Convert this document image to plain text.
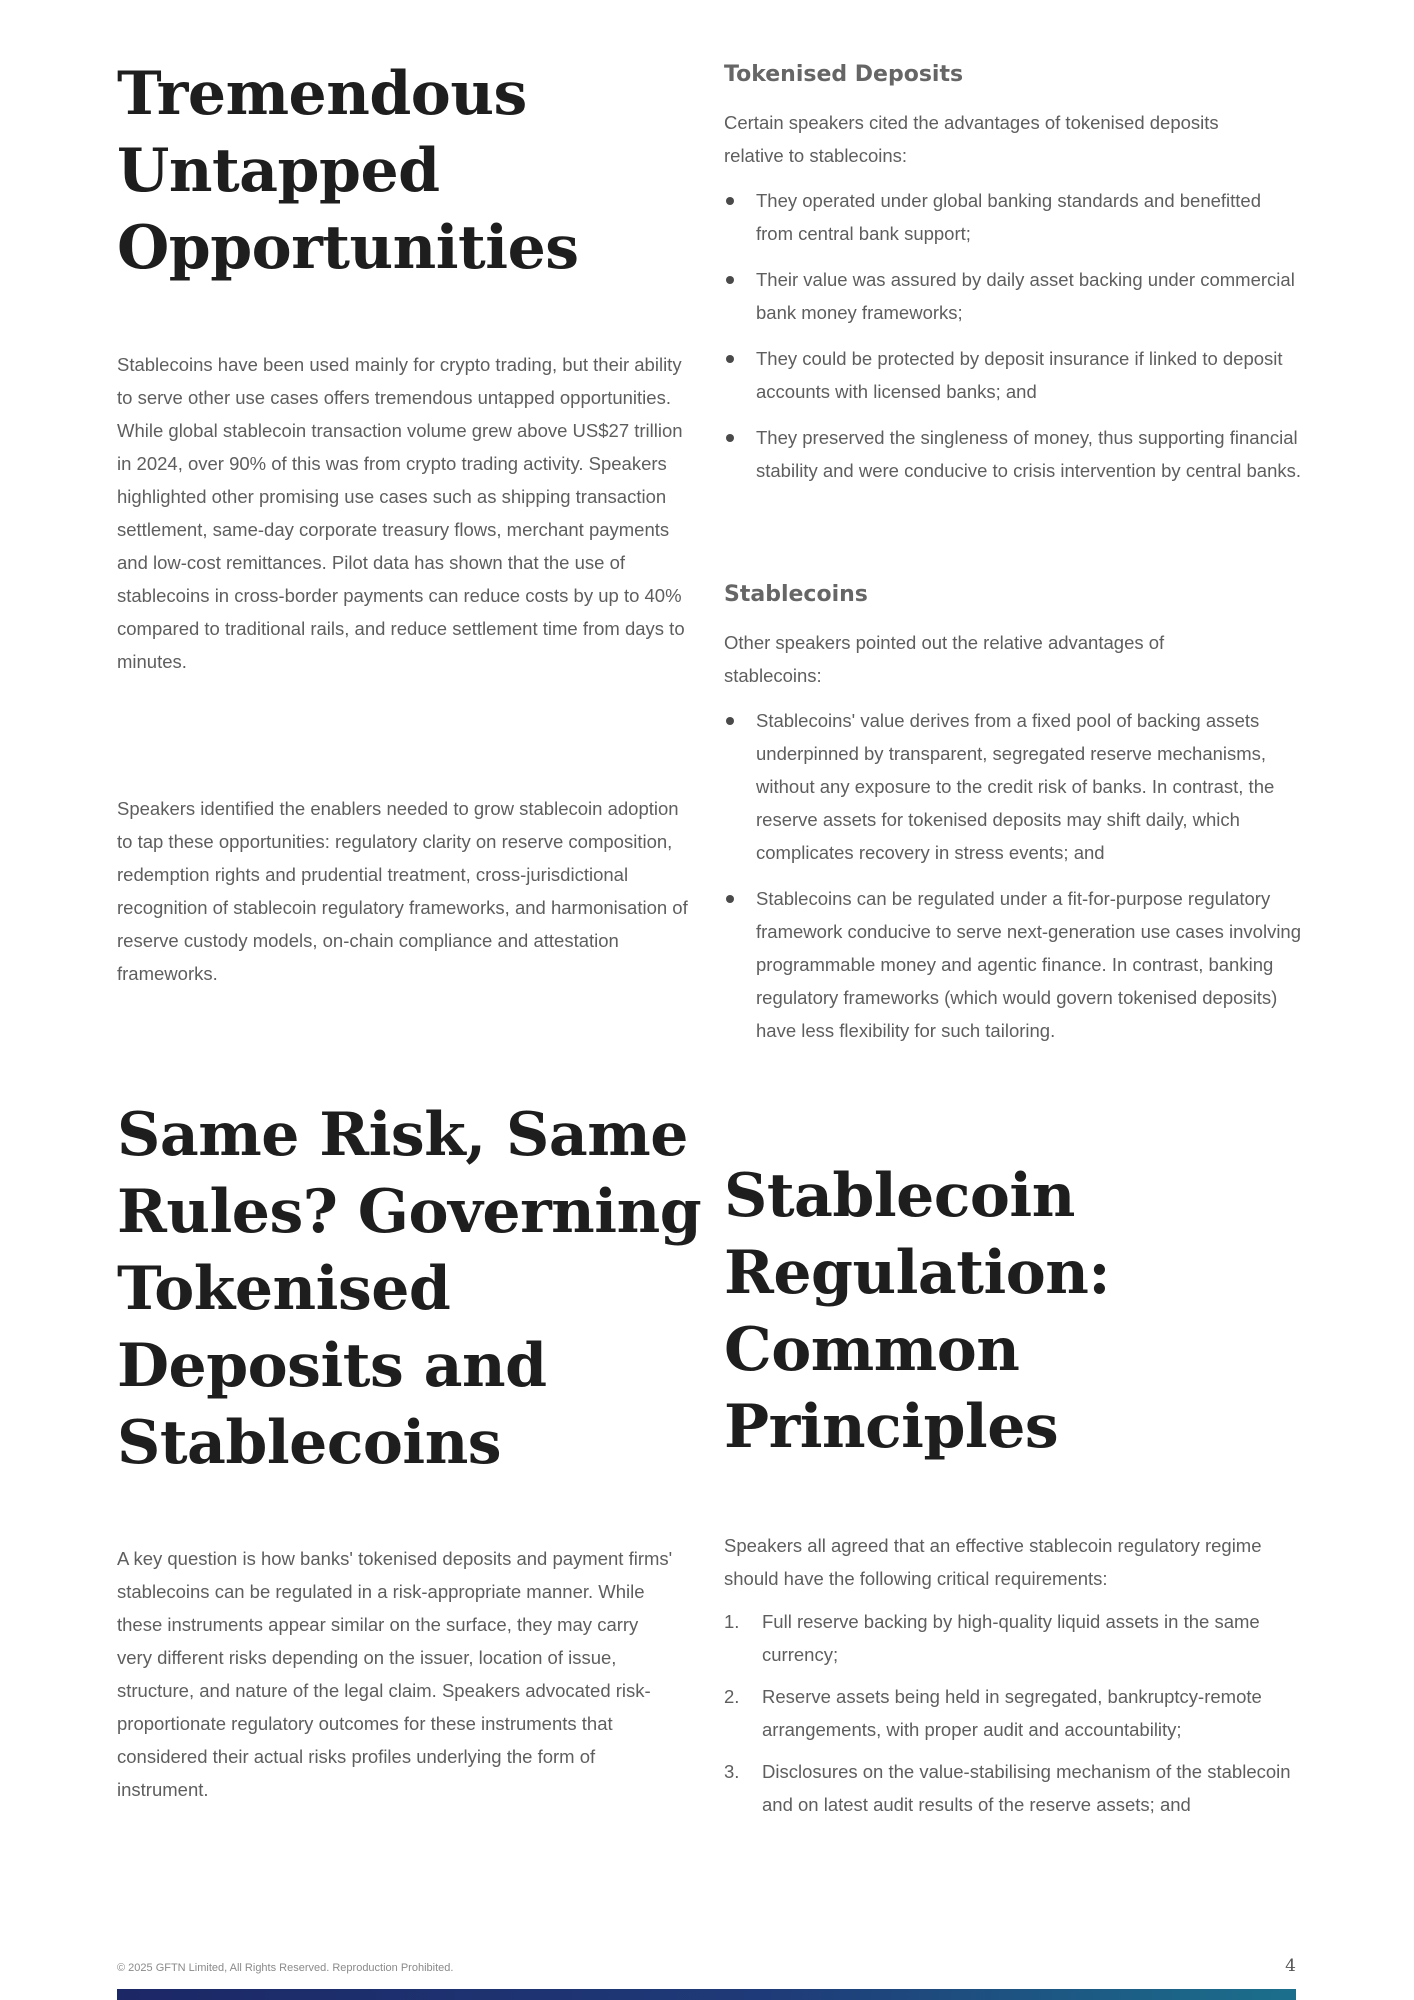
Tremendous
Untapped
Opportunities

Stablecoins have been used mainly for crypto trading, but their ability to serve other use cases offers tremendous untapped opportunities. While global stablecoin transaction volume grew above US$27 trillion in 2024, over 90% of this was from crypto trading activity. Speakers highlighted other promising use cases such as shipping transaction settlement, same-day corporate treasury flows, merchant payments and low-cost remittances. Pilot data has shown that the use of stablecoins in cross-border payments can reduce costs by up to 40% compared to traditional rails, and reduce settlement time from days to minutes.

Speakers identified the enablers needed to grow stablecoin adoption to tap these opportunities: regulatory clarity on reserve composition, redemption rights and prudential treatment, cross-jurisdictional recognition of stablecoin regulatory frameworks, and harmonisation of reserve custody models, on-chain compliance and attestation frameworks.

Same Risk, Same
Rules? Governing
Tokenised
Deposits and
Stablecoins

A key question is how banks' tokenised deposits and payment firms' stablecoins can be regulated in a risk-appropriate manner. While these instruments appear similar on the surface, they may carry very different risks depending on the issuer, location of issue, structure, and nature of the legal claim. Speakers advocated risk-proportionate regulatory outcomes for these instruments that considered their actual risks profiles underlying the form of instrument.

Tokenised Deposits

Certain speakers cited the advantages of tokenised deposits relative to stablecoins:

They operated under global banking standards and benefitted from central bank support;
Their value was assured by daily asset backing under commercial bank money frameworks;
They could be protected by deposit insurance if linked to deposit accounts with licensed banks; and
They preserved the singleness of money, thus supporting financial stability and were conducive to crisis intervention by central banks.
Stablecoins

Other speakers pointed out the relative advantages of stablecoins:

Stablecoins' value derives from a fixed pool of backing assets underpinned by transparent, segregated reserve mechanisms, without any exposure to the credit risk of banks. In contrast, the reserve assets for tokenised deposits may shift daily, which complicates recovery in stress events; and
Stablecoins can be regulated under a fit-for-purpose regulatory framework conducive to serve next-generation use cases involving programmable money and agentic finance. In contrast, banking regulatory frameworks (which would govern tokenised deposits) have less flexibility for such tailoring.
Stablecoin
Regulation:
Common
Principles

Speakers all agreed that an effective stablecoin regulatory regime should have the following critical requirements:

1. Full reserve backing by high-quality liquid assets in the same currency;
2. Reserve assets being held in segregated, bankruptcy-remote arrangements, with proper audit and accountability;
3. Disclosures on the value-stabilising mechanism of the stablecoin and on latest audit results of the reserve assets; and
© 2025 GFTN Limited, All Rights Reserved. Reproduction Prohibited.	4
